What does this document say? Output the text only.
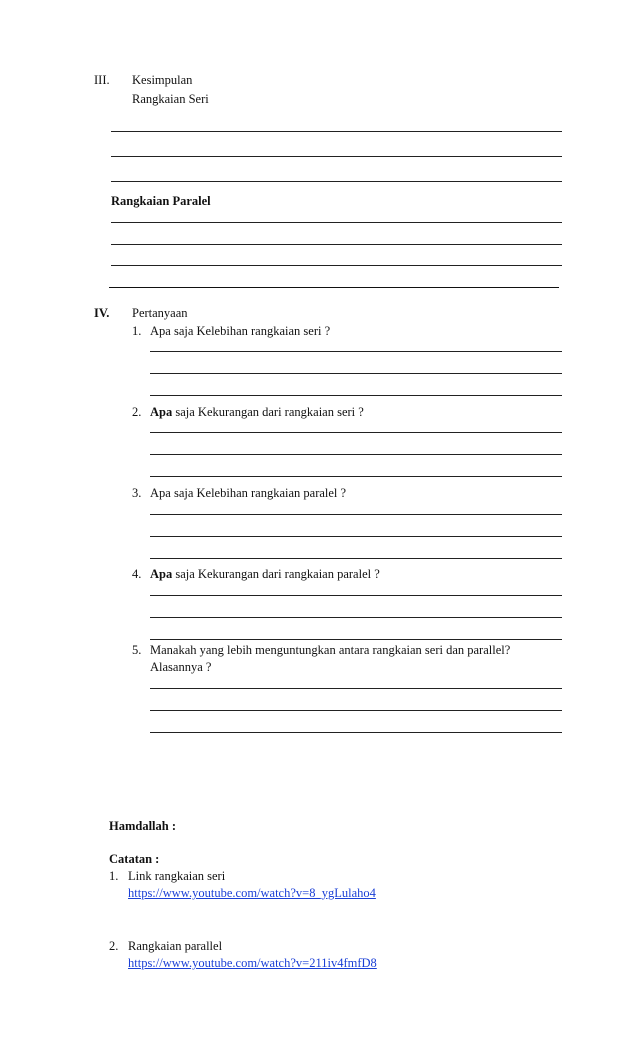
III. Kesimpulan
Rangkaian Seri
Rangkaian Paralel
IV. Pertanyaan
1. Apa saja Kelebihan rangkaian seri ?
2. Apa saja Kekurangan dari rangkaian seri ?
3. Apa saja Kelebihan rangkaian paralel ?
4. Apa saja Kekurangan dari rangkaian paralel ?
5. Manakah yang lebih menguntungkan antara rangkaian seri dan parallel?
Alasannya ?
Hamdallah :
Catatan :
1. Link rangkaian seri
https://www.youtube.com/watch?v=8_ygLulaho4
2. Rangkaian parallel
https://www.youtube.com/watch?v=211iv4fmfD8
